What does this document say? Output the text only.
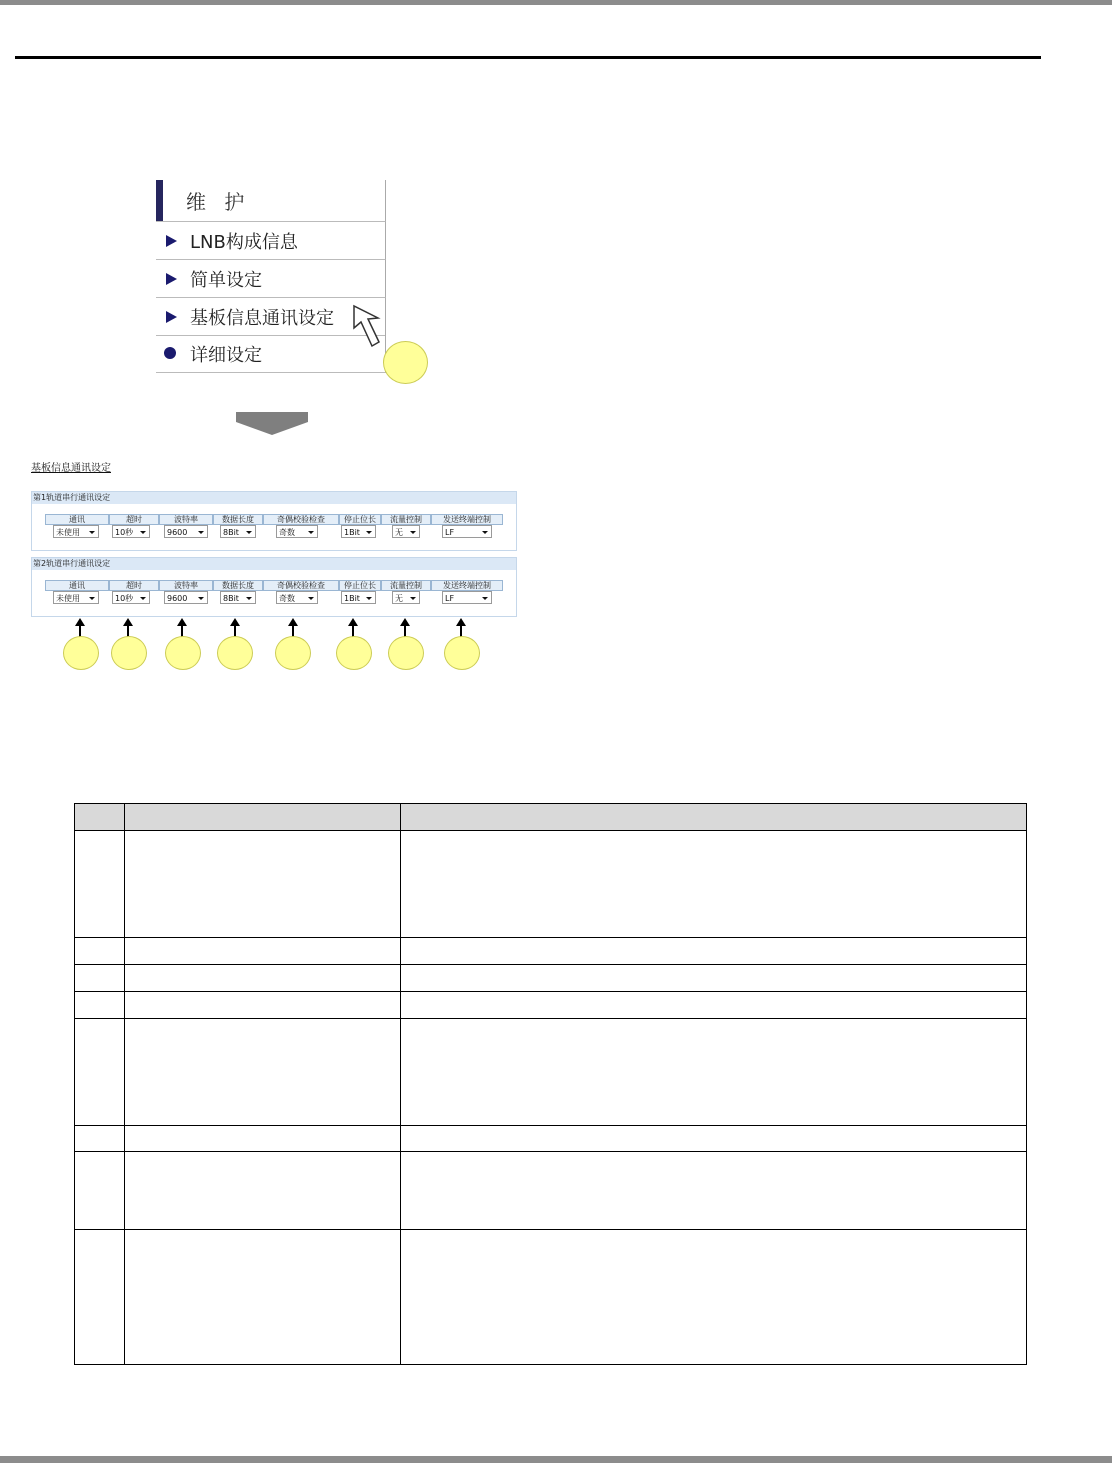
维 护
LNB构成信息
简单设定
基板信息通讯设定
详细设定
基板信息通讯设定
第1轨道串行通讯设定
通讯	超时	波特率	数据长度	奇偶校验检查	停止位长	流量控制	发送终端控制
未使用	10秒	9600	8Bit	奇数	1Bit	无	LF
第2轨道串行通讯设定
通讯	超时	波特率	数据长度	奇偶校验检查	停止位长	流量控制	发送终端控制
未使用	10秒	9600	8Bit	奇数	1Bit	无	LF
